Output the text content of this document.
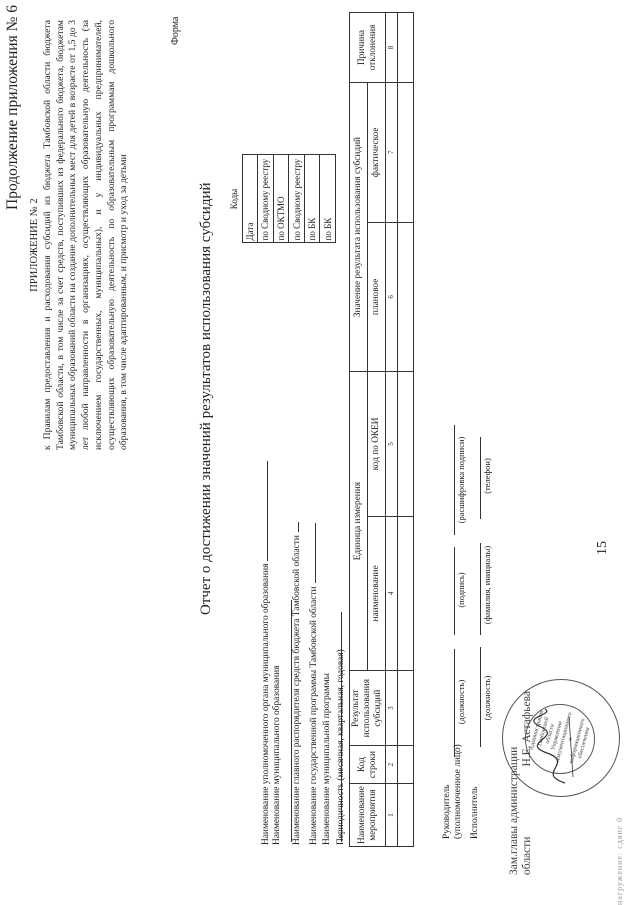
нагружение: сдвиг 0
15
Продолжение приложения № 6
ПРИЛОЖЕНИЕ № 2 к Правилам предоставления и расходования субсидий из бюджета Тамбовской области бюджета Тамбовской области, в том числе за счет средств, поступивших из федерального бюджета, бюджетам муниципальных образований области на создание дополнительных мест для детей в возрасте от 1,5 до 3 лет любой направленности в организациях, осуществляющих образовательную деятельность (за исключением государственных, муниципальных), и у индивидуальных предпринимателей, осуществляющих образовательную деятельность по образовательным программам дошкольного образования, в том числе адаптированным, и присмотр и уход за детьми
Форма
Отчет о достижении значений результатов использования субсидий
Наименование уполномоченного органа муниципального образования Наименование муниципального образования	Наименование главного распорядителя средств бюджета Тамбовской области Наименование государственной программы Тамбовской области Наименование муниципальной программы Периодичность (месячная, квартальная, годовая)
	Коды
	Дата
	по Сводному реестру
	по ОКТМО
	по Сводному реестру
	по БК
	по БК
Наименование мероприятия	Код строки	Результат использования субсидий	Единица измерения		Значение результата использования субсидий		Причина отклонения
			наименование	код по ОКЕИ	плановое	фактическое	
1	2	3	4	5	6	7	8

Руководитель (уполномоченное лицо)
(должность)
(подпись)
(расшифровка подписи)
Исполнитель
(должность)
(фамилия, инициалы)
(телефон)
Администрация Тамбовской области Управление документационного и информационного обеспечения
Зам.главы администрации областиН.Е. Астафьева
